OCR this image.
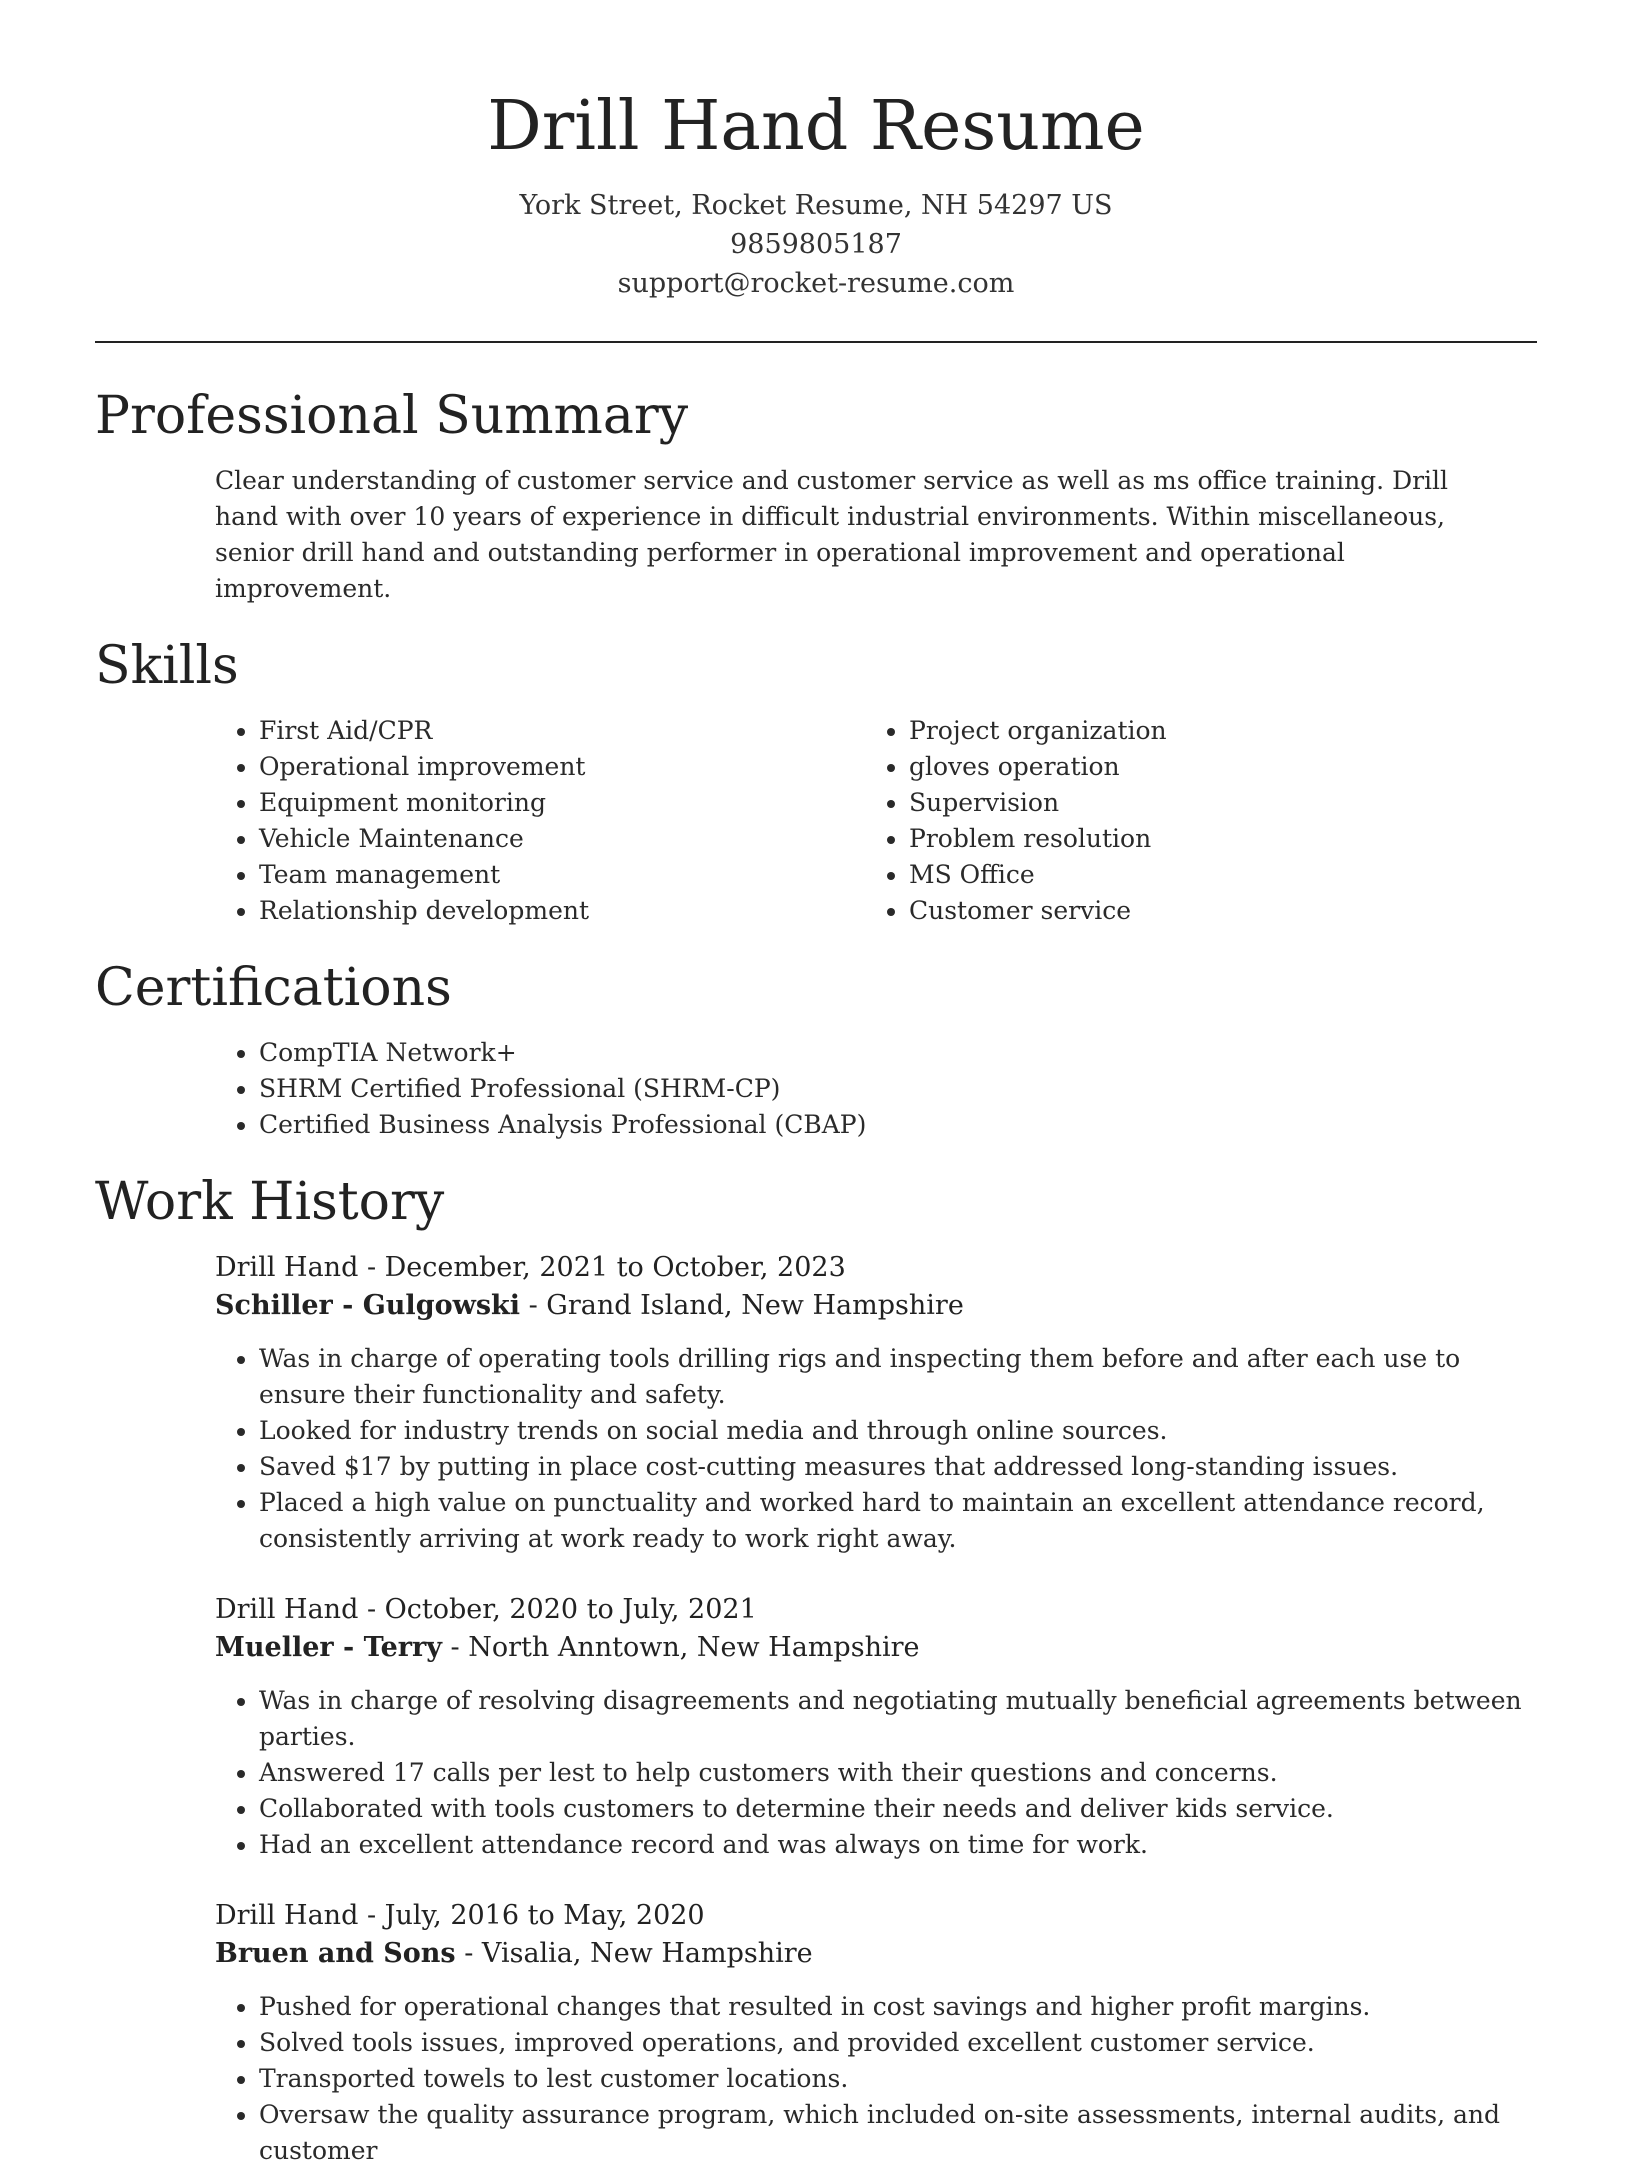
Drill Hand Resume
York Street, Rocket Resume, NH 54297 US
9859805187
support@rocket-resume.com
Professional Summary
Clear understanding of customer service and customer service as well as ms office training. Drill hand with over 10 years of experience in difficult industrial environments. Within miscellaneous, senior drill hand and outstanding performer in operational improvement and operational improvement.
Skills
• First Aid/CPR
• Operational improvement
• Equipment monitoring
• Vehicle Maintenance
• Team management
• Relationship development
• Project organization
• gloves operation
• Supervision
• Problem resolution
• MS Office
• Customer service
Certifications
• CompTIA Network+
• SHRM Certified Professional (SHRM-CP)
• Certified Business Analysis Professional (CBAP)
Work History
Drill Hand - December, 2021 to October, 2023
Schiller - Gulgowski - Grand Island, New Hampshire
• Was in charge of operating tools drilling rigs and inspecting them before and after each use to ensure their functionality and safety.
• Looked for industry trends on social media and through online sources.
• Saved $17 by putting in place cost-cutting measures that addressed long-standing issues.
• Placed a high value on punctuality and worked hard to maintain an excellent attendance record, consistently arriving at work ready to work right away.
Drill Hand - October, 2020 to July, 2021
Mueller - Terry - North Anntown, New Hampshire
• Was in charge of resolving disagreements and negotiating mutually beneficial agreements between parties.
• Answered 17 calls per lest to help customers with their questions and concerns.
• Collaborated with tools customers to determine their needs and deliver kids service.
• Had an excellent attendance record and was always on time for work.
Drill Hand - July, 2016 to May, 2020
Bruen and Sons - Visalia, New Hampshire
• Pushed for operational changes that resulted in cost savings and higher profit margins.
• Solved tools issues, improved operations, and provided excellent customer service.
• Transported towels to lest customer locations.
• Oversaw the quality assurance program, which included on-site assessments, internal audits, and customer
